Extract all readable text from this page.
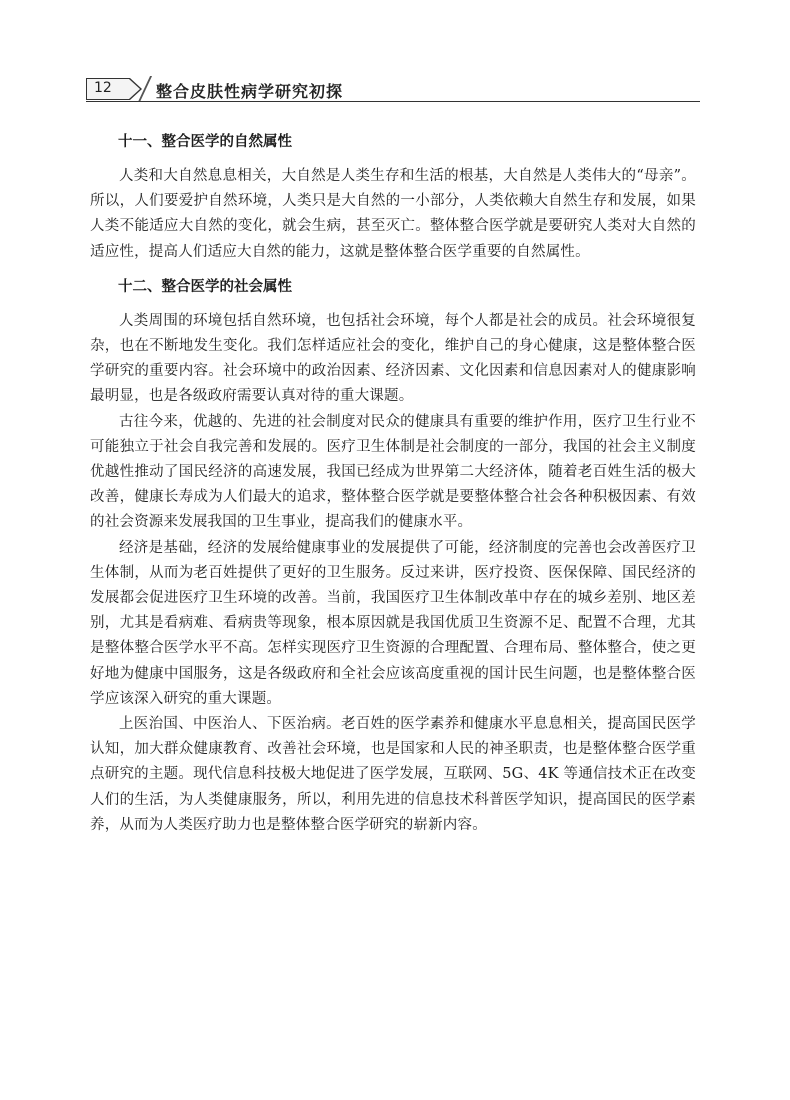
12	整合皮肤性病学研究初探
十一、整合医学的自然属性

人类和大自然息息相关，大自然是人类生存和生活的根基，大自然是人类伟大的“母亲”。所以，人们要爱护自然环境，人类只是大自然的一小部分，人类依赖大自然生存和发展，如果人类不能适应大自然的变化，就会生病，甚至灭亡。整体整合医学就是要研究人类对大自然的适应性，提高人们适应大自然的能力，这就是整体整合医学重要的自然属性。

十二、整合医学的社会属性

人类周围的环境包括自然环境，也包括社会环境，每个人都是社会的成员。社会环境很复杂，也在不断地发生变化。我们怎样适应社会的变化，维护自己的身心健康，这是整体整合医学研究的重要内容。社会环境中的政治因素、经济因素、文化因素和信息因素对人的健康影响最明显，也是各级政府需要认真对待的重大课题。

古往今来，优越的、先进的社会制度对民众的健康具有重要的维护作用，医疗卫生行业不可能独立于社会自我完善和发展的。医疗卫生体制是社会制度的一部分，我国的社会主义制度优越性推动了国民经济的高速发展，我国已经成为世界第二大经济体，随着老百姓生活的极大改善，健康长寿成为人们最大的追求，整体整合医学就是要整体整合社会各种积极因素、有效的社会资源来发展我国的卫生事业，提高我们的健康水平。

经济是基础，经济的发展给健康事业的发展提供了可能，经济制度的完善也会改善医疗卫生体制，从而为老百姓提供了更好的卫生服务。反过来讲，医疗投资、医保保障、国民经济的发展都会促进医疗卫生环境的改善。当前，我国医疗卫生体制改革中存在的城乡差别、地区差别，尤其是看病难、看病贵等现象，根本原因就是我国优质卫生资源不足、配置不合理，尤其是整体整合医学水平不高。怎样实现医疗卫生资源的合理配置、合理布局、整体整合，使之更好地为健康中国服务，这是各级政府和全社会应该高度重视的国计民生问题，也是整体整合医学应该深入研究的重大课题。

上医治国、中医治人、下医治病。老百姓的医学素养和健康水平息息相关，提高国民医学认知，加大群众健康教育、改善社会环境，也是国家和人民的神圣职责，也是整体整合医学重点研究的主题。现代信息科技极大地促进了医学发展，互联网、5G、4K 等通信技术正在改变人们的生活，为人类健康服务，所以，利用先进的信息技术科普医学知识，提高国民的医学素养，从而为人类医疗助力也是整体整合医学研究的崭新内容。
